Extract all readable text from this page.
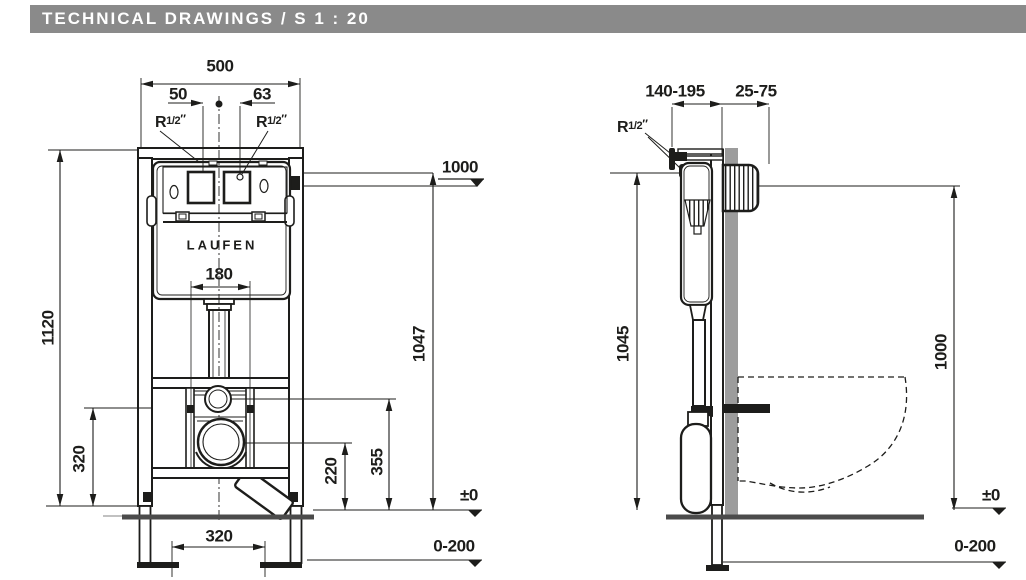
TECHNICAL DRAWINGS / S 1 : 20
500
50	63
R1/2″	R1/2″
1000
LAUFEN
180
1120
320	220 355
1047
±0
320
0-200
140-195 25-75
R1/2″
1045	1000
±0
0-200
